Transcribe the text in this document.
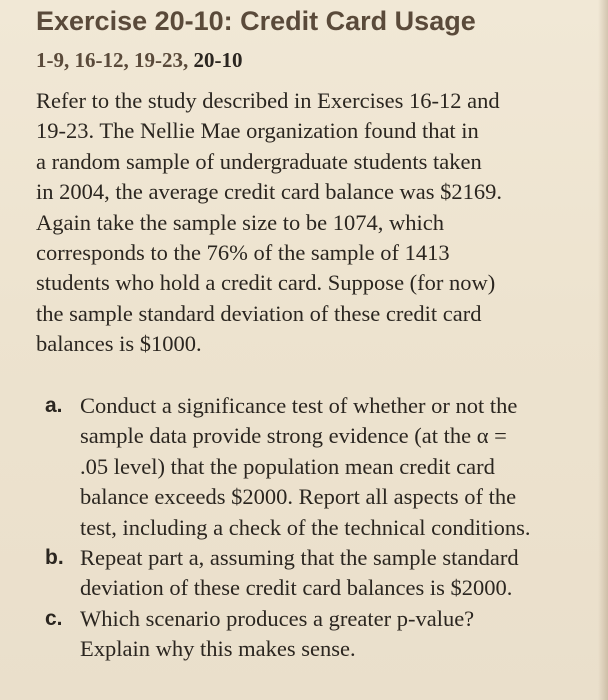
Exercise 20-10: Credit Card Usage

1-9, 16-12, 19-23, 20-10

Refer to the study described in Exercises 16-12 and
19-23. The Nellie Mae organization found that in
a random sample of undergraduate students taken
in 2004, the average credit card balance was $2169.
Again take the sample size to be 1074, which
corresponds to the 76% of the sample of 1413
students who hold a credit card. Suppose (for now)
the sample standard deviation of these credit card
balances is $1000.

a. Conduct a significance test of whether or not the
sample data provide strong evidence (at the α =
.05 level) that the population mean credit card
balance exceeds $2000. Report all aspects of the
test, including a check of the technical conditions.
b. Repeat part a, assuming that the sample standard
deviation of these credit card balances is $2000.
c. Which scenario produces a greater p-value?
Explain why this makes sense.
